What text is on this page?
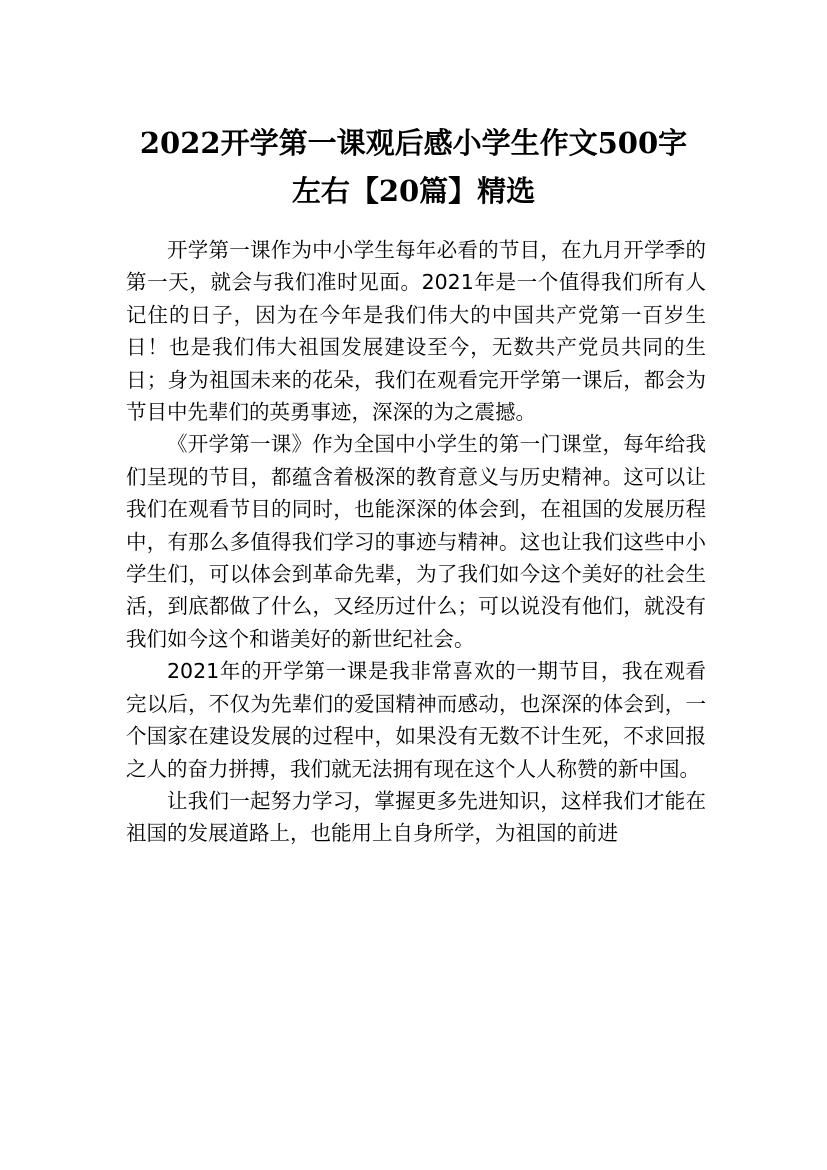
2022开学第一课观后感小学生作文500字
左右【20篇】精选

开学第一课作为中小学生每年必看的节目，在九月开学季的第一天，就会与我们准时见面。2021年是一个值得我们所有人记住的日子，因为在今年是我们伟大的中国共产党第一百岁生日！也是我们伟大祖国发展建设至今，无数共产党员共同的生日；身为祖国未来的花朵，我们在观看完开学第一课后，都会为节目中先辈们的英勇事迹，深深的为之震撼。

《开学第一课》作为全国中小学生的第一门课堂，每年给我们呈现的节目，都蕴含着极深的教育意义与历史精神。这可以让我们在观看节目的同时，也能深深的体会到，在祖国的发展历程中，有那么多值得我们学习的事迹与精神。这也让我们这些中小学生们，可以体会到革命先辈，为了我们如今这个美好的社会生活，到底都做了什么，又经历过什么；可以说没有他们，就没有我们如今这个和谐美好的新世纪社会。

2021年的开学第一课是我非常喜欢的一期节目，我在观看完以后，不仅为先辈们的爱国精神而感动，也深深的体会到，一个国家在建设发展的过程中，如果没有无数不计生死，不求回报之人的奋力拼搏，我们就无法拥有现在这个人人称赞的新中国。

让我们一起努力学习，掌握更多先进知识，这样我们才能在祖国的发展道路上，也能用上自身所学，为祖国的前进
